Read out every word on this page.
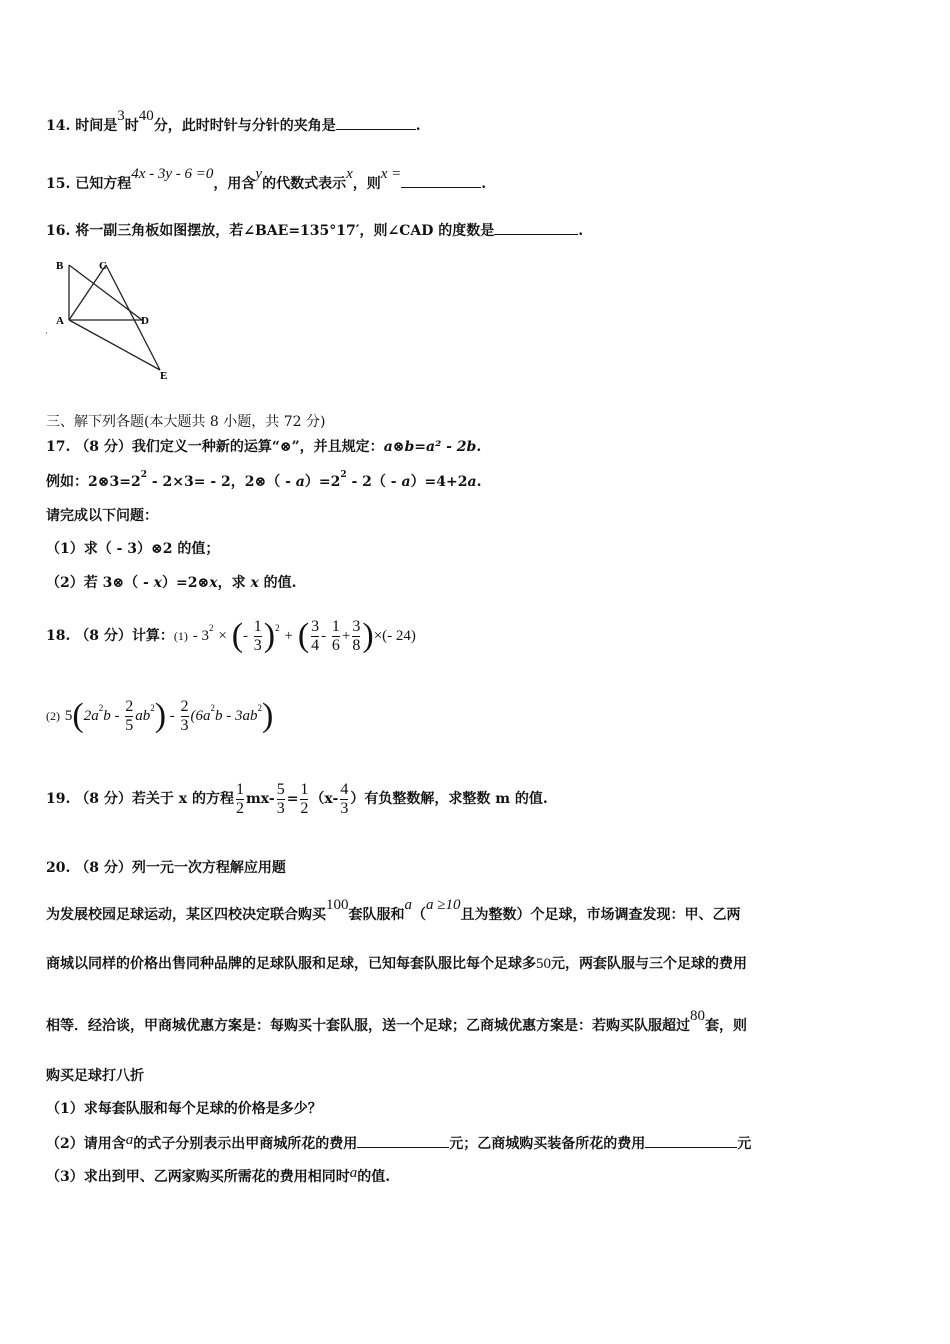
14. 时间是3时40分，此时时针与分针的夹角是	.
15. 已知方程4x - 3y - 6 =0，用含y的代数式表示x，则x =.
16. 将一副三角板如图摆放，若∠BAE=135°17′，则∠CAD 的度数是	.
B	C
A	D
E
三、解下列各题(本大题共 8 小题，共 72 分)
17. （8 分）我们定义一种新的运算“⊗”，并且规定：a⊗b=a² - 2b.
例如：$2\otimes 3=2^2 - 2\times 3= - 2$，2⊗（ - $a)=2^2 - 2( - a)=4+2a$.
请完成以下问题：
（1）求（ - 3）⊗2 的值；
（2）若 3⊗（ - x）=2⊗x，求 x 的值.
18. （8 分）计算：$(1) - 3^2$ × (- $\frac{1}{3} )^2$ + ( $\frac{3}{4} - \frac{1}{6} + \frac{3}{8}$ )×(- 24)
(2) $5(2a^2b - \frac{2}{5} ab^2) - \frac{2}{3} (6a^2b - 3ab^2)$
19. （8 分）若关于 x 的方程 $\frac{1}{2} mx- \frac{5}{3} = \frac{1}{2} (x- \frac{4}{3}$ ）有负整数解，求整数 m 的值.
20. （8 分）列一元一次方程解应用题
为发展校园足球运动，某区四校决定联合购买100套队服和a（a ≥10且为整数）个足球，市场调查发现：甲、乙两
商城以同样的价格出售同种品牌的足球队服和足球，已知每套队服比每个足球多50元，两套队服与三个足球的费用
相等．经洽谈，甲商城优惠方案是：每购买十套队服，送一个足球；乙商城优惠方案是：若购买队服超过80套，则
购买足球打八折
（1）求每套队服和每个足球的价格是多少？
（2）请用含a的式子分别表示出甲商城所花的费用	元；乙商城购买装备所花的费用	元
（3）求出到甲、乙两家购买所需花的费用相同时a的值.
